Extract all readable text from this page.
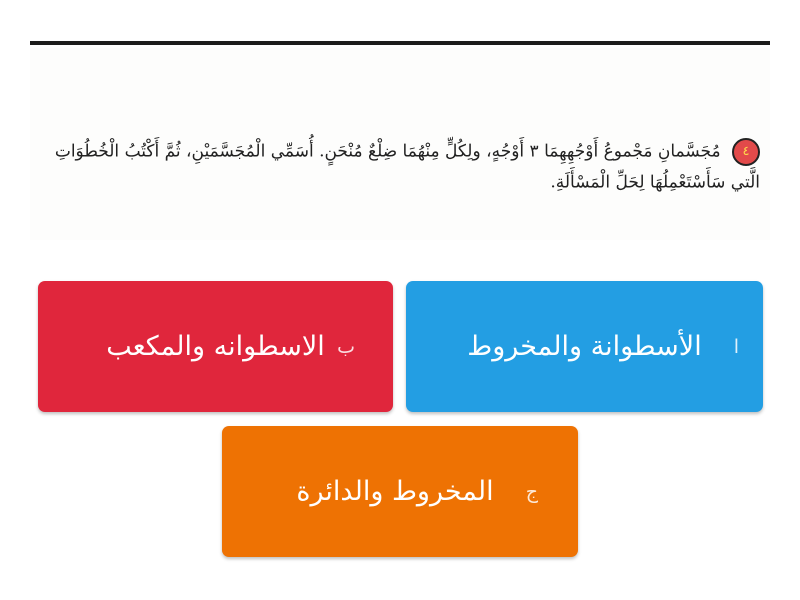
٤ مُجَسَّمانِ مَجْموعُ أَوْجُهِهِمَا ٣ أَوْجُهٍ، ولِكُلٍّ مِنْهُمَا ضِلْعٌ مُنْحَنٍ. أُسَمِّي الْمُجَسَّمَيْنِ، ثُمَّ أَكْتُبُ الْخُطُوَاتِ الَّتي سَأَسْتَعْمِلُهَا لِحَلِّ الْمَسْأَلَةِ.
ا
الأسطوانة والمخروط
ب
الاسطوانه والمكعب
ج
المخروط والدائرة
